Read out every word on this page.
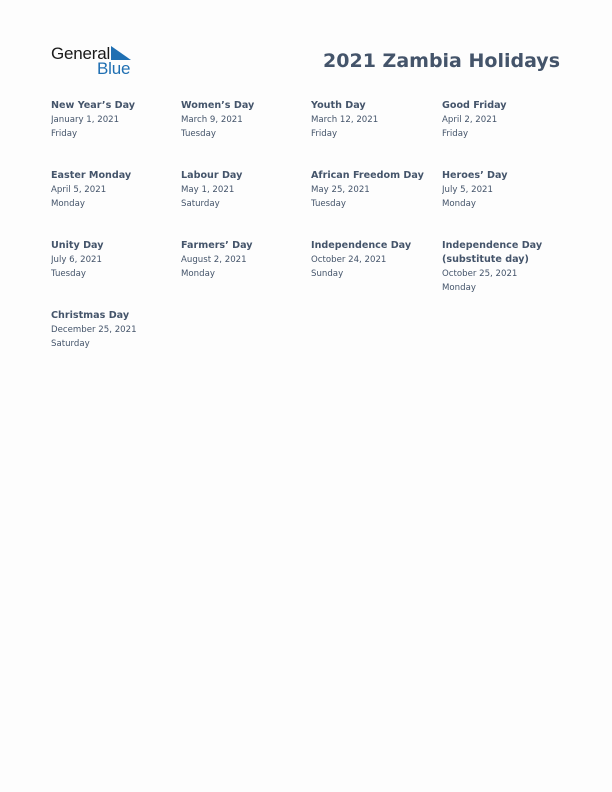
General
Blue	2021 Zambia Holidays
New Year’s Day
January 1, 2021
Friday
Women’s Day
March 9, 2021
Tuesday
Youth Day
March 12, 2021
Friday
Good Friday
April 2, 2021
Friday
Easter Monday
April 5, 2021
Monday
Labour Day
May 1, 2021
Saturday
African Freedom Day
May 25, 2021
Tuesday
Heroes’ Day
July 5, 2021
Monday
Unity Day
July 6, 2021
Tuesday
Farmers’ Day
August 2, 2021
Monday
Independence Day
October 24, 2021
Sunday
Independence Day
(substitute day)
October 25, 2021
Monday
Christmas Day
December 25, 2021
Saturday
